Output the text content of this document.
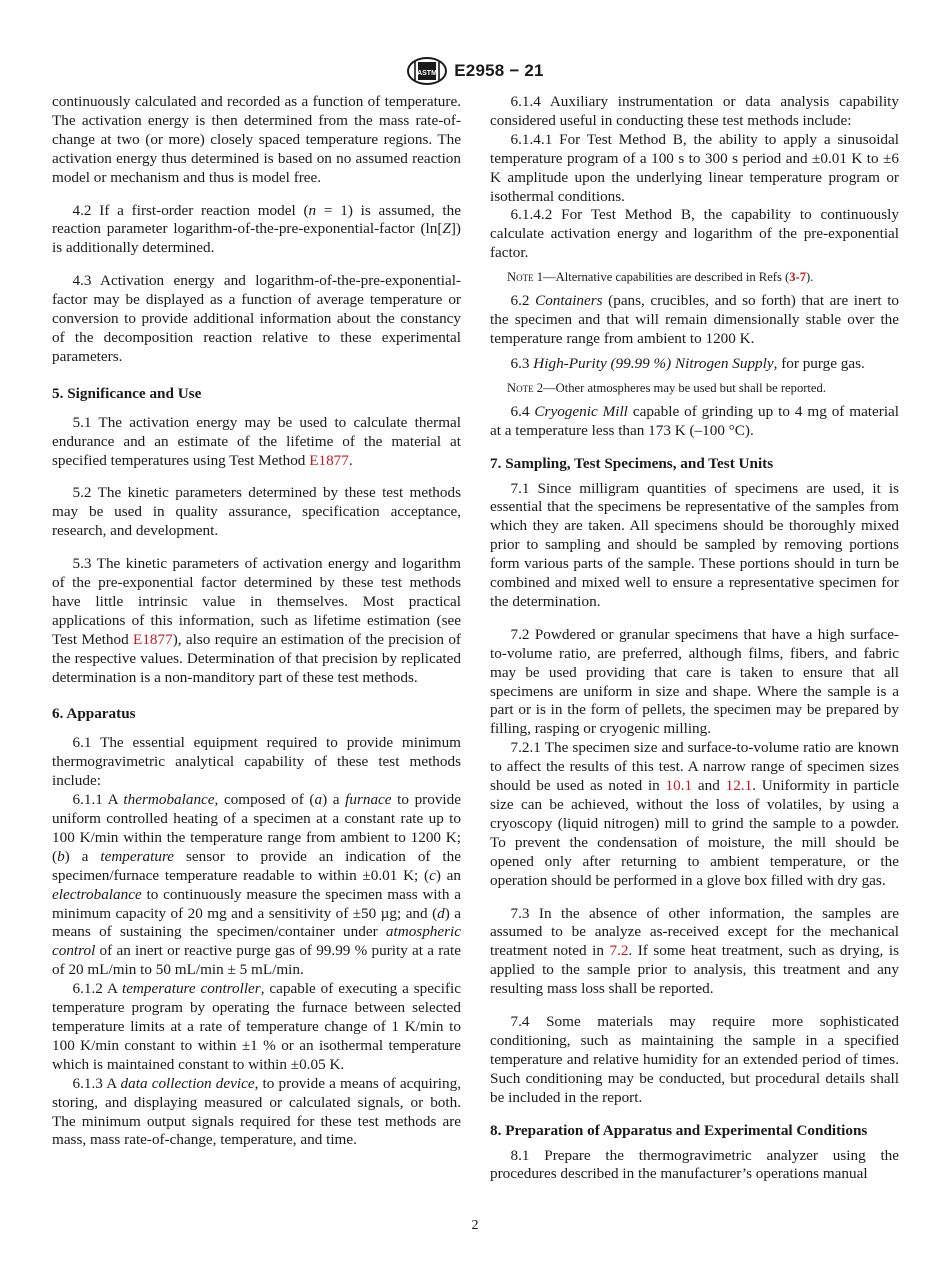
ASTM E2958 − 21

continuously calculated and recorded as a function of temperature. The activation energy is then determined from the mass rate-of-change at two (or more) closely spaced temperature regions. The activation energy thus determined is based on no assumed reaction model or mechanism and thus is model free.

4.2 If a first-order reaction model (n = 1) is assumed, the reaction parameter logarithm-of-the-pre-exponential-factor (ln[Z]) is additionally determined.

4.3 Activation energy and logarithm-of-the-pre-exponential-factor may be displayed as a function of average temperature or conversion to provide additional information about the constancy of the decomposition reaction relative to these experimental parameters.

5. Significance and Use

5.1 The activation energy may be used to calculate thermal endurance and an estimate of the lifetime of the material at specified temperatures using Test Method E1877.

5.2 The kinetic parameters determined by these test methods may be used in quality assurance, specification acceptance, research, and development.

5.3 The kinetic parameters of activation energy and logarithm of the pre-exponential factor determined by these test methods have little intrinsic value in themselves. Most practical applications of this information, such as lifetime estimation (see Test Method E1877), also require an estimation of the precision of the respective values. Determination of that precision by replicated determination is a non-manditory part of these test methods.

6. Apparatus

6.1 The essential equipment required to provide minimum thermogravimetric analytical capability of these test methods include:

6.1.1 A thermobalance, composed of (a) a furnace to provide uniform controlled heating of a specimen at a constant rate up to 100 K/min within the temperature range from ambient to 1200 K; (b) a temperature sensor to provide an indication of the specimen/furnace temperature readable to within ±0.01 K; (c) an electrobalance to continuously measure the specimen mass with a minimum capacity of 20 mg and a sensitivity of ±50 µg; and (d) a means of sustaining the specimen/container under atmospheric control of an inert or reactive purge gas of 99.99 % purity at a rate of 20 mL/min to 50 mL/min ± 5 mL/min.

6.1.2 A temperature controller, capable of executing a specific temperature program by operating the furnace between selected temperature limits at a rate of temperature change of 1 K/min to 100 K/min constant to within ±1 % or an isothermal temperature which is maintained constant to within ±0.05 K.

6.1.3 A data collection device, to provide a means of acquiring, storing, and displaying measured or calculated signals, or both. The minimum output signals required for these test methods are mass, mass rate-of-change, temperature, and time.

6.1.4 Auxiliary instrumentation or data analysis capability considered useful in conducting these test methods include:

6.1.4.1 For Test Method B, the ability to apply a sinusoidal temperature program of a 100 s to 300 s period and ±0.01 K to ±6 K amplitude upon the underlying linear temperature program or isothermal conditions.

6.1.4.2 For Test Method B, the capability to continuously calculate activation energy and logarithm of the pre-exponential factor.

Note 1—Alternative capabilities are described in Refs (3-7).

6.2 Containers (pans, crucibles, and so forth) that are inert to the specimen and that will remain dimensionally stable over the temperature range from ambient to 1200 K.

6.3 High-Purity (99.99 %) Nitrogen Supply, for purge gas.

Note 2—Other atmospheres may be used but shall be reported.

6.4 Cryogenic Mill capable of grinding up to 4 mg of material at a temperature less than 173 K (–100 °C).

7. Sampling, Test Specimens, and Test Units

7.1 Since milligram quantities of specimens are used, it is essential that the specimens be representative of the samples from which they are taken. All specimens should be thoroughly mixed prior to sampling and should be sampled by removing portions form various parts of the sample. These portions should in turn be combined and mixed well to ensure a representative specimen for the determination.

7.2 Powdered or granular specimens that have a high surface-to-volume ratio, are preferred, although films, fibers, and fabric may be used providing that care is taken to ensure that all specimens are uniform in size and shape. Where the sample is a part or is in the form of pellets, the specimen may be prepared by filling, rasping or cryogenic milling.

7.2.1 The specimen size and surface-to-volume ratio are known to affect the results of this test. A narrow range of specimen sizes should be used as noted in 10.1 and 12.1. Uniformity in particle size can be achieved, without the loss of volatiles, by using a cryoscopy (liquid nitrogen) mill to grind the sample to a powder. To prevent the condensation of moisture, the mill should be opened only after returning to ambient temperature, or the operation should be performed in a glove box filled with dry gas.

7.3 In the absence of other information, the samples are assumed to be analyze as-received except for the mechanical treatment noted in 7.2. If some heat treatment, such as drying, is applied to the sample prior to analysis, this treatment and any resulting mass loss shall be reported.

7.4 Some materials may require more sophisticated conditioning, such as maintaining the sample in a specified temperature and relative humidity for an extended period of times. Such conditioning may be conducted, but procedural details shall be included in the report.

8. Preparation of Apparatus and Experimental Conditions

8.1 Prepare the thermogravimetric analyzer using the procedures described in the manufacturer’s operations manual

2
